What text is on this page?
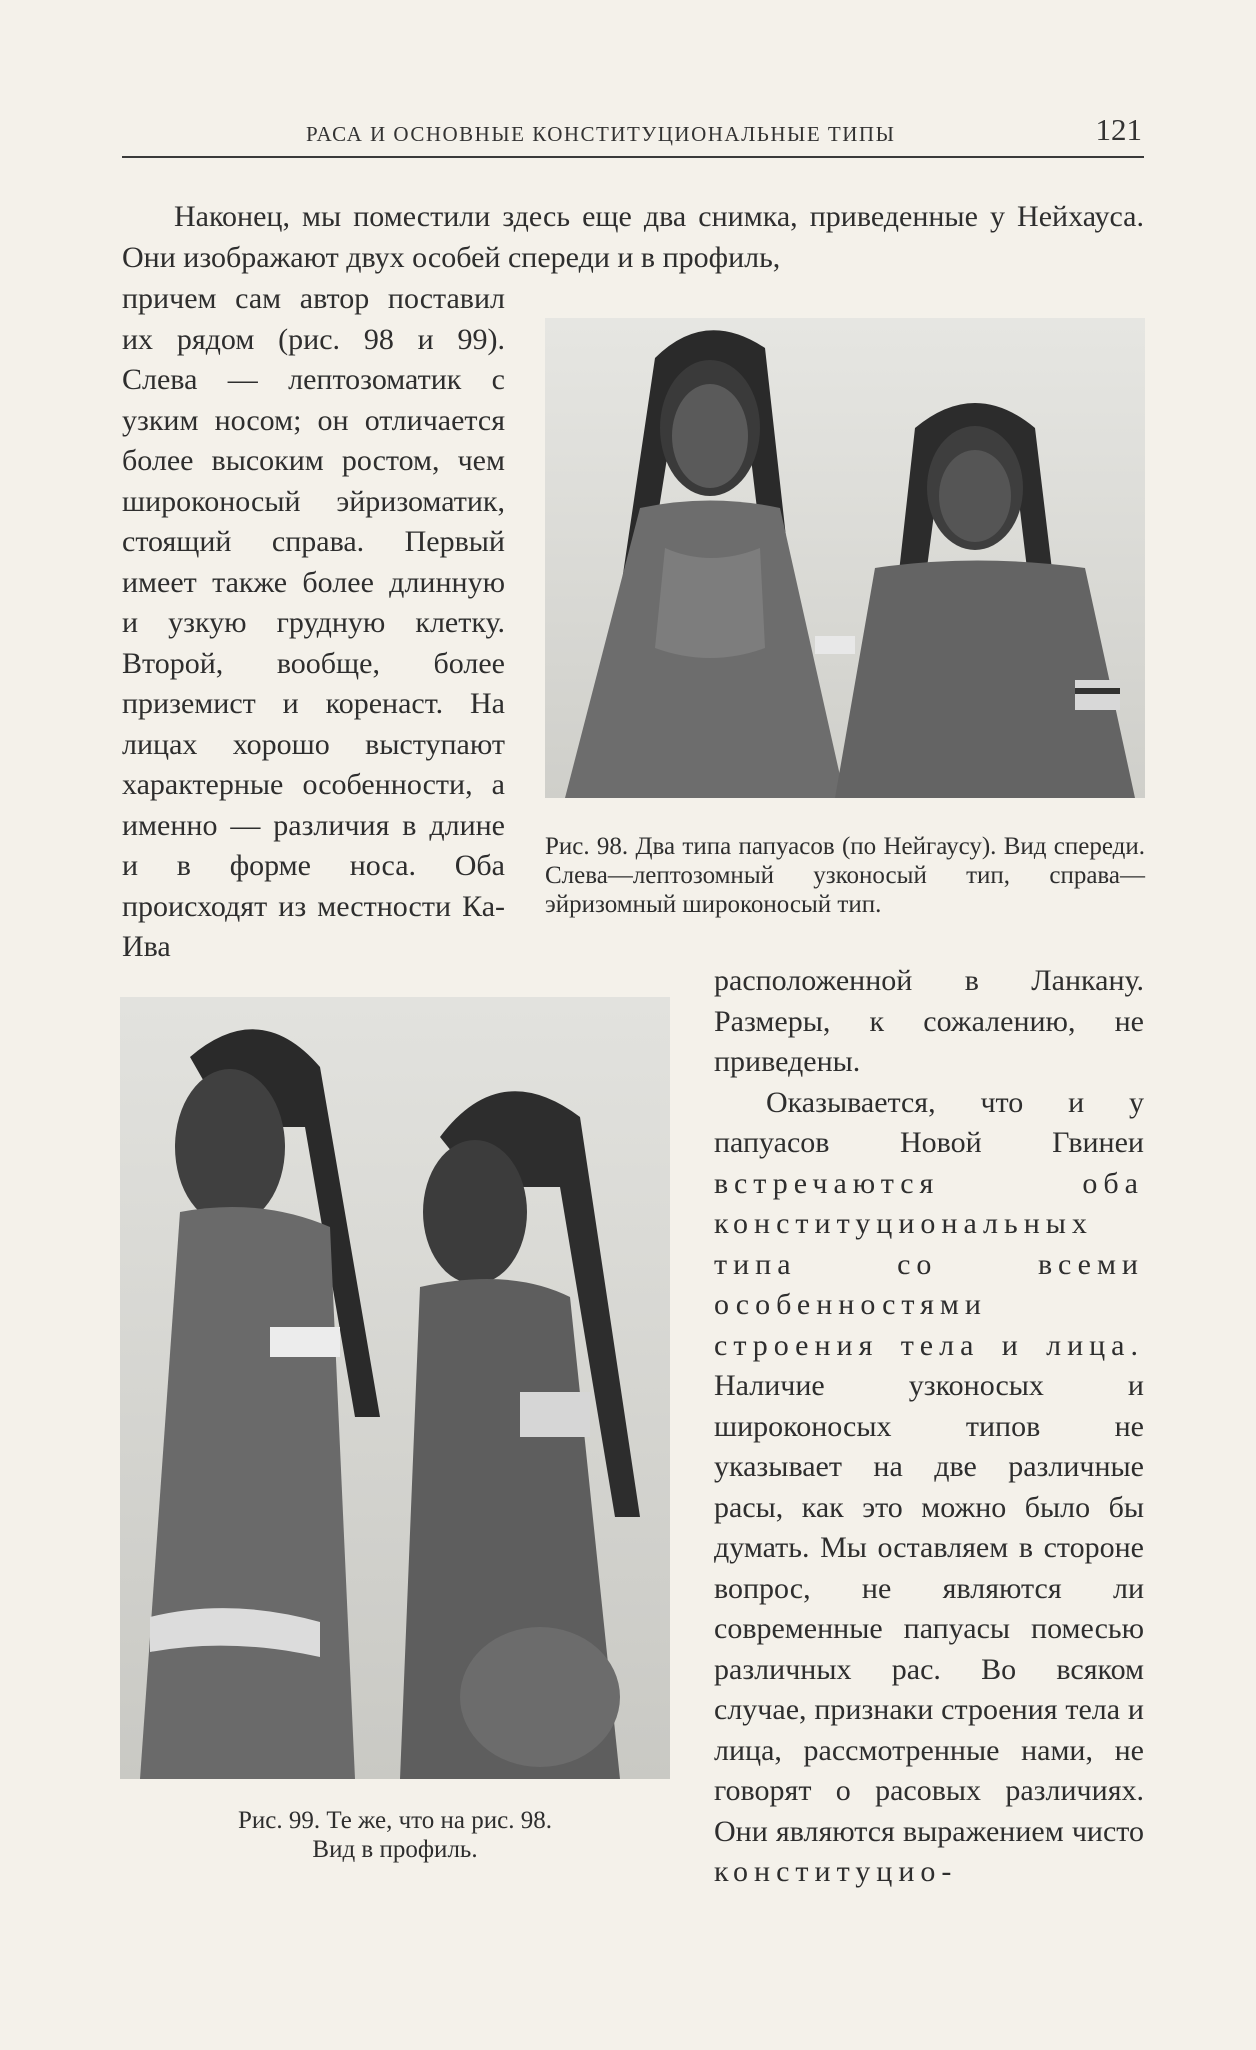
РАСА И ОСНОВНЫЕ КОНСТИТУЦИОНАЛЬНЫЕ ТИПЫ	121

Наконец, мы поместили здесь еще два снимка, приведенные у Нейхауса. Они изображают двух особей спереди и в профиль,

причем сам автор поставил их рядом (рис. 98 и 99). Слева — лептозоматик с узким носом; он отличается более высоким ростом, чем широконосый эйризоматик, стоящий справа. Первый имеет также более длинную и узкую грудную клетку. Второй, вообще, более приземист и коренаст. На лицах хорошо выступают характерные особенности, а именно — различия в длине и в форме носа. Оба происходят из местности Ка-Ива

Рис. 98. Два типа папуасов (по Нейгаусу). Вид спереди. Слева—лептозомный узконосый тип, справа—эйризомный широконосый тип.
Рис. 99. Те же, что на рис. 98.
Вид в профиль.

расположенной в Ланкану. Размеры, к сожалению, не приведены.

Оказывается, что и у папуасов Новой Гвинеи встречаются оба конституциональных типа со всеми особенностями строения тела и лица. Наличие узконосых и широконосых типов не указывает на две различные расы, как это можно было бы думать. Мы оставляем в стороне вопрос, не являются ли современные папуасы помесью различных рас. Во всяком случае, признаки строения тела и лица, рассмотренные нами, не говорят о расовых различиях. Они являются выражением чисто конституцио-
